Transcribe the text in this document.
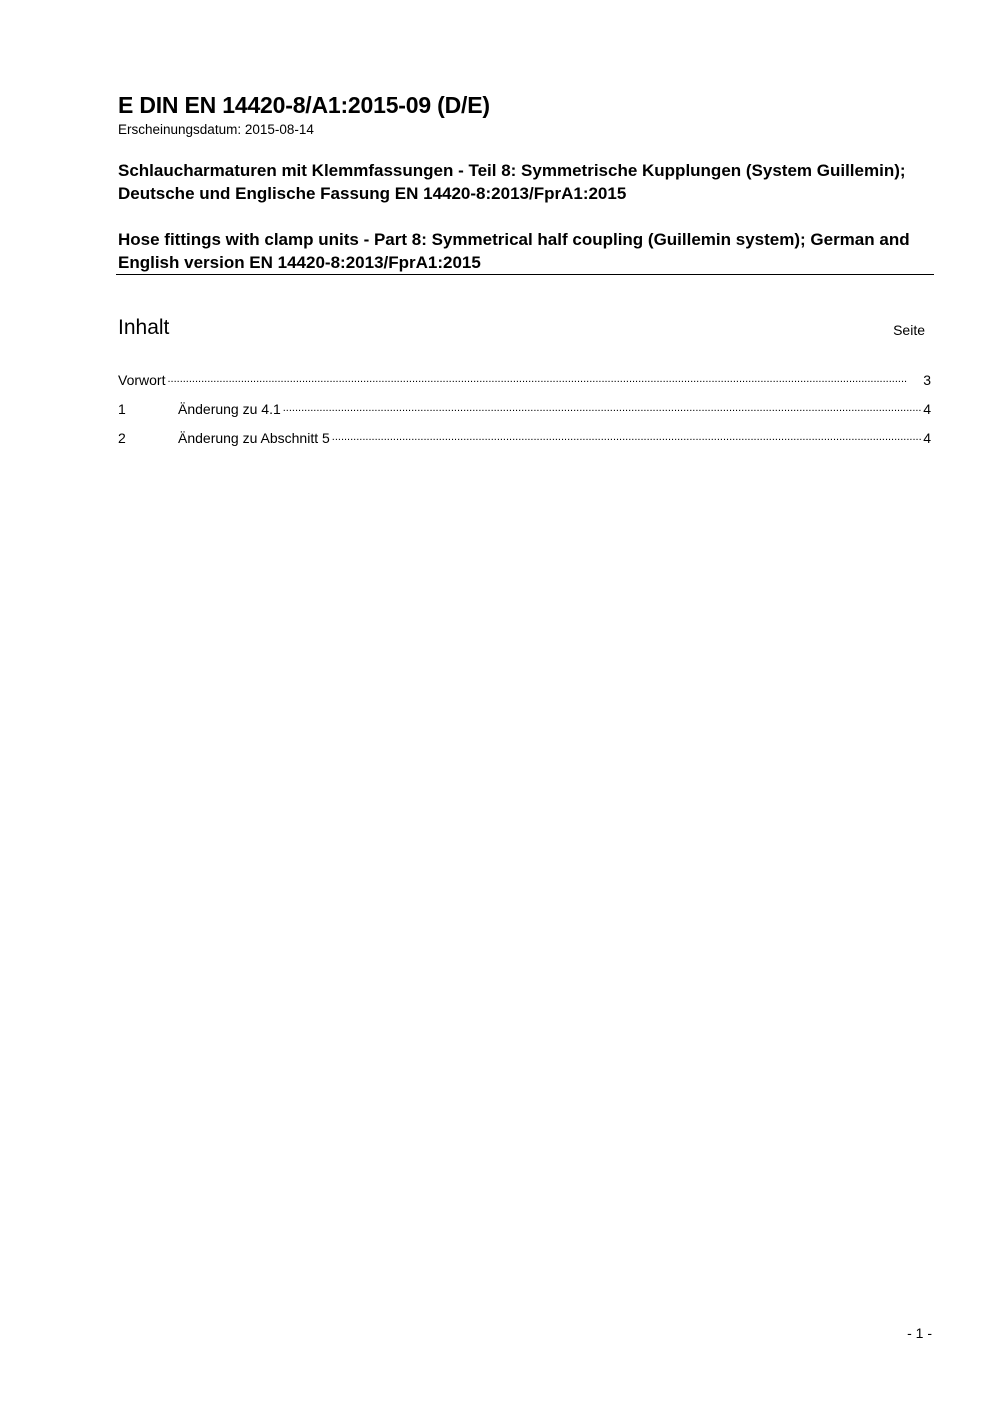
E DIN EN 14420-8/A1:2015-09 (D/E)
Erscheinungsdatum: 2015-08-14
Schlaucharmaturen mit Klemmfassungen - Teil 8: Symmetrische Kupplungen (System Guillemin); Deutsche und Englische Fassung EN 14420-8:2013/FprA1:2015
Hose fittings with clamp units - Part 8: Symmetrical half coupling (Guillemin system); German and English version EN 14420-8:2013/FprA1:2015
Inhalt	Seite
Vorwort .....	3
1	Änderung zu 4.1 .....	4
2	Änderung zu Abschnitt 5 .....	4
- 1 -
